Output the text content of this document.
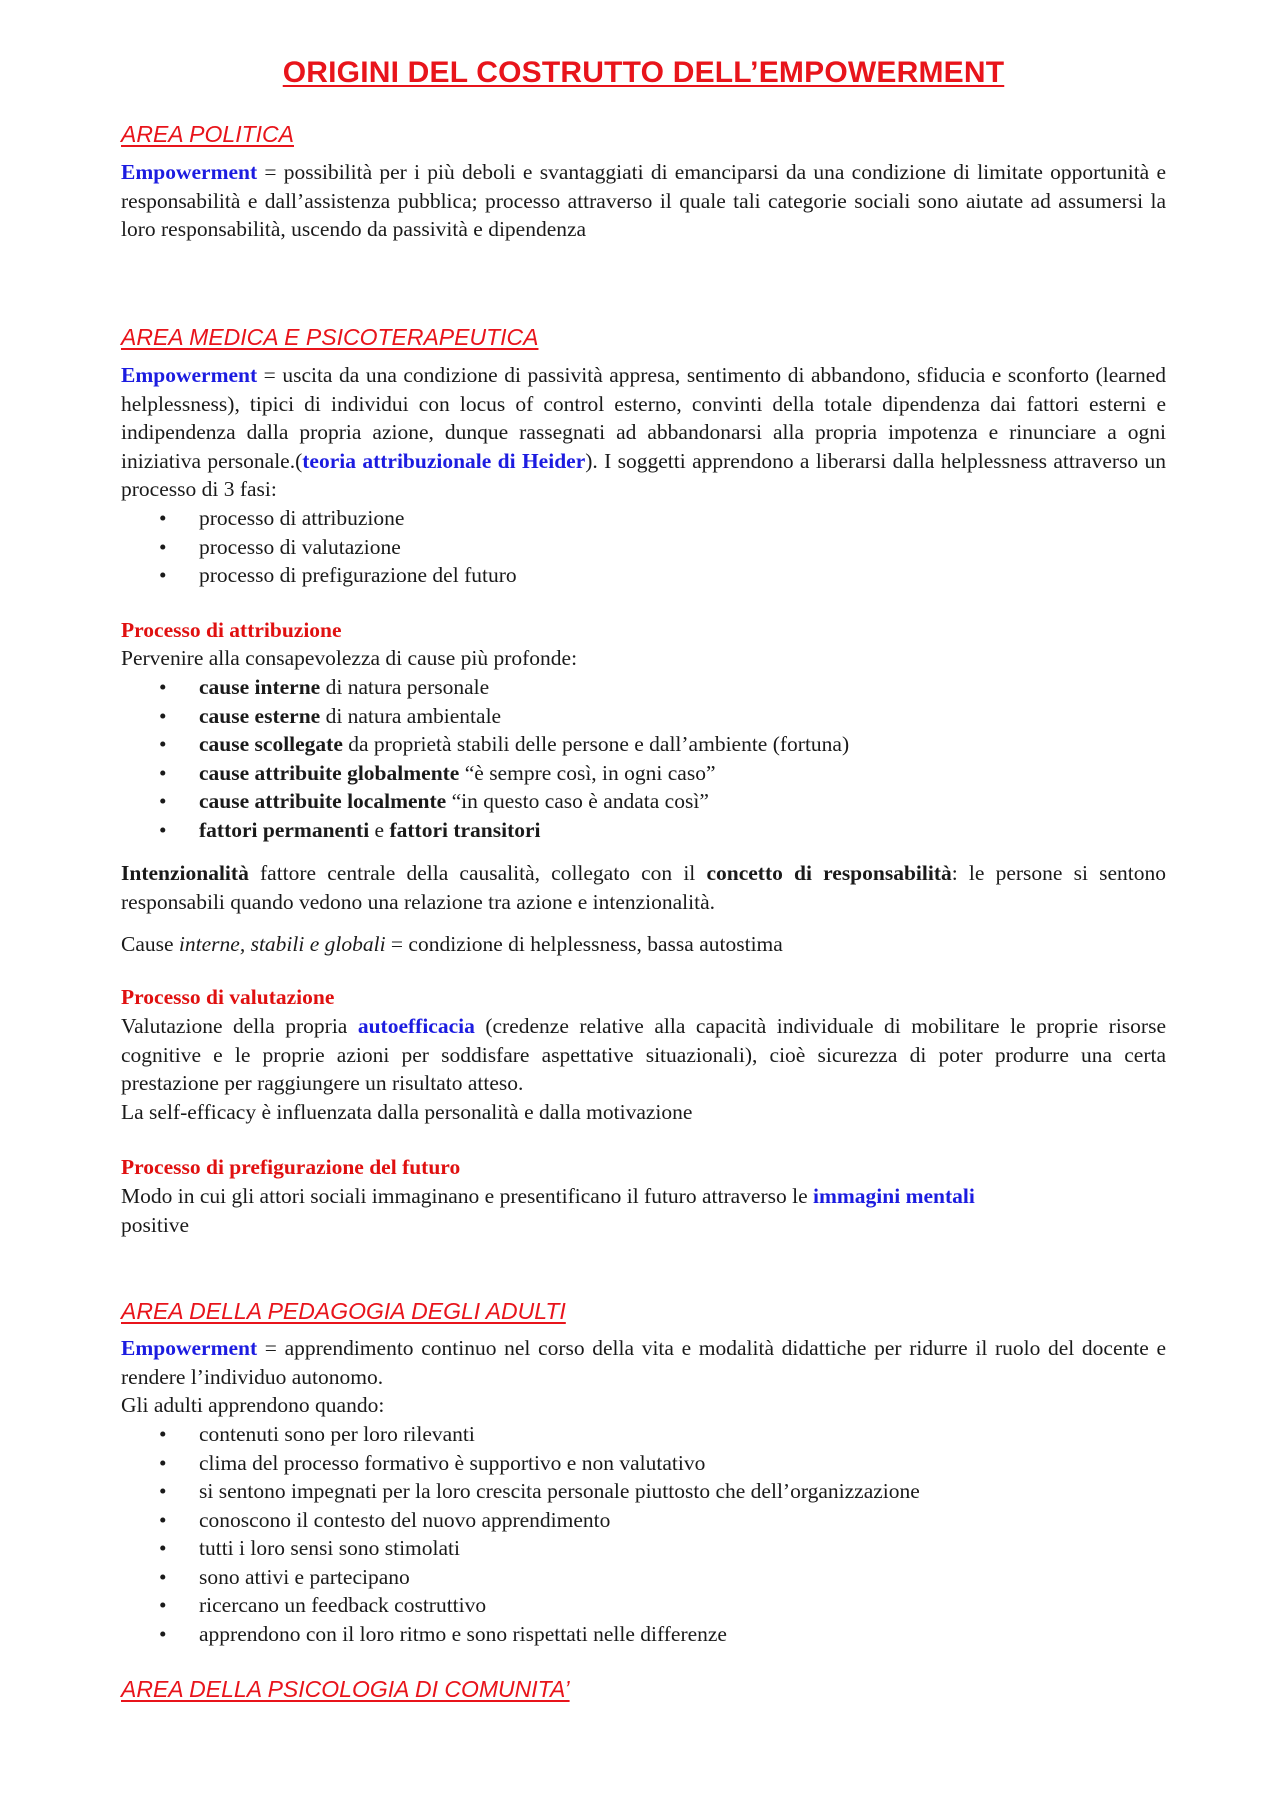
ORIGINI DEL COSTRUTTO DELL’EMPOWERMENT
AREA POLITICA
Empowerment = possibilità per i più deboli e svantaggiati di emanciparsi da una condizione di limitate opportunità e responsabilità e dall’assistenza pubblica; processo attraverso il quale tali categorie sociali sono aiutate ad assumersi la loro responsabilità, uscendo da passività e dipendenza
AREA MEDICA E PSICOTERAPEUTICA
Empowerment = uscita da una condizione di passività appresa, sentimento di abbandono, sfiducia e sconforto (learned helplessness), tipici di individui con locus of control esterno, convinti della totale dipendenza dai fattori esterni e indipendenza dalla propria azione, dunque rassegnati ad abbandonarsi alla propria impotenza e rinunciare a ogni iniziativa personale.(teoria attribuzionale di Heider). I soggetti apprendono a liberarsi dalla helplessness attraverso un processo di 3 fasi:
• processo di attribuzione
• processo di valutazione
• processo di prefigurazione del futuro
Processo di attribuzione
Pervenire alla consapevolezza di cause più profonde:
• cause interne di natura personale
• cause esterne di natura ambientale
• cause scollegate da proprietà stabili delle persone e dall’ambiente (fortuna)
• cause attribuite globalmente “è sempre così, in ogni caso”
• cause attribuite localmente “in questo caso è andata così”
• fattori permanenti e fattori transitori
Intenzionalità fattore centrale della causalità, collegato con il concetto di responsabilità: le persone si sentono responsabili quando vedono una relazione tra azione e intenzionalità.
Cause interne, stabili e globali = condizione di helplessness, bassa autostima
Processo di valutazione
Valutazione della propria autoefficacia (credenze relative alla capacità individuale di mobilitare le proprie risorse cognitive e le proprie azioni per soddisfare aspettative situazionali), cioè sicurezza di poter produrre una certa prestazione per raggiungere un risultato atteso.
La self-efficacy è influenzata dalla personalità e dalla motivazione
Processo di prefigurazione del futuro
Modo in cui gli attori sociali immaginano e presentificano il futuro attraverso le immagini mentali
positive
AREA DELLA PEDAGOGIA DEGLI ADULTI
Empowerment = apprendimento continuo nel corso della vita e modalità didattiche per ridurre il ruolo del docente e rendere l’individuo autonomo.
Gli adulti apprendono quando:
• contenuti sono per loro rilevanti
• clima del processo formativo è supportivo e non valutativo
• si sentono impegnati per la loro crescita personale piuttosto che dell’organizzazione
• conoscono il contesto del nuovo apprendimento
• tutti i loro sensi sono stimolati
• sono attivi e partecipano
• ricercano un feedback costruttivo
• apprendono con il loro ritmo e sono rispettati nelle differenze
AREA DELLA PSICOLOGIA DI COMUNITA’
